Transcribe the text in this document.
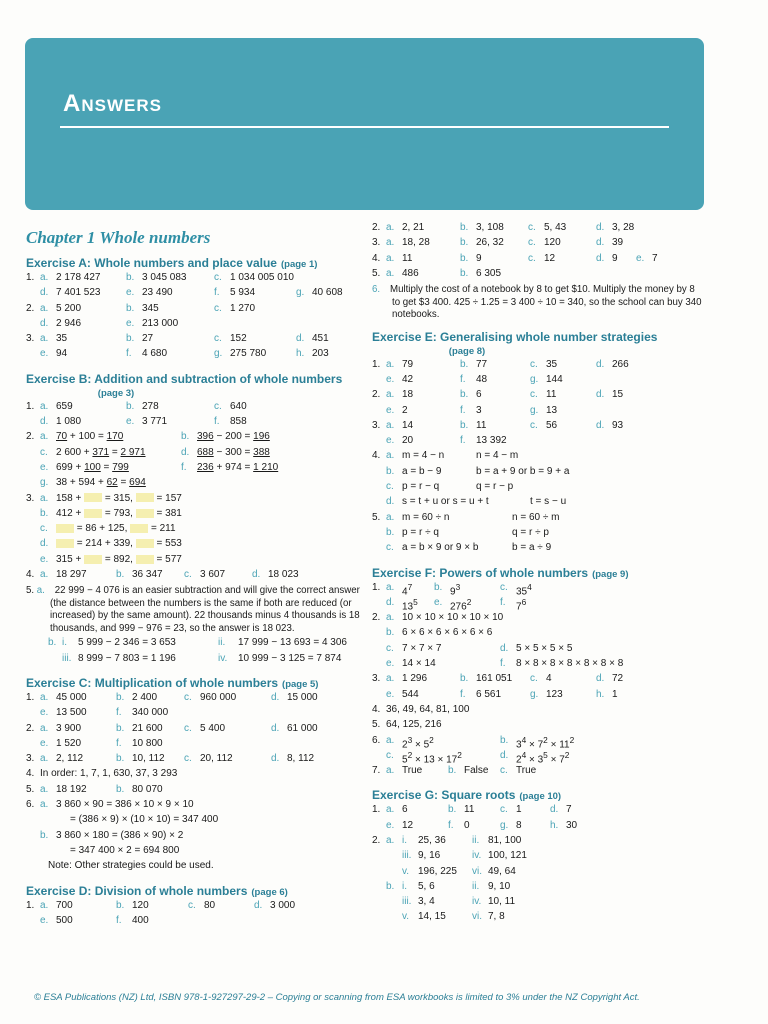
Answers
Chapter 1 Whole numbers
Exercise A: Whole numbers and place value (page 1)
1. a. 2 178 427	b. 3 045 083	c. 1 034 005 010
d. 7 401 523	e. 23 490	f. 5 934	g. 40 608
2. a. 5 200	b. 345	c. 1 270
d. 2 946	e. 213 000
3. a. 35	b. 27	c. 152	d. 451
e. 94	f. 4 680	g. 275 780	h. 203
Exercise B: Addition and subtraction of whole numbers
(page 3)
1. a. 659	b. 278	c. 640
d. 1 080	e. 3 771	f. 858
2. a. 70 + 100 = 170	b. 396 − 200 = 196
c. 2 600 + 371 = 2 971	d. 688 − 300 = 388
e. 699 + 100 = 799	f. 236 + 974 = 1 210
g. 38 + 594 + 62 = 694
3. a. 158 +  = 315,  = 157
b. 412 +  = 793,  = 381
c.	= 86 + 125,  = 211
d.	= 214 + 339,  = 553
e. 315 +  = 892,  = 577
4. a. 18 297	b. 36 347 c. 3 607	d. 18 023
5. a. 22 999 − 4 076 is an easier subtraction and will give the correct answer (the distance between the numbers is the same if both are reduced (or increased) by the same amount). 22 thousands minus 4 thousands is 18 thousands, and 999 − 976 = 23, so the answer is 18 023.
b. i. 5 999 − 2 346 = 3 653	ii. 17 999 − 13 693 = 4 306
iii. 8 999 − 7 803 = 1 196	iv. 10 999 − 3 125 = 7 874
Exercise C: Multiplication of whole numbers (page 5)
1. a. 45 000	b. 2 400	c. 960 000	d. 15 000
e. 13 500	f. 340 000
2. a. 3 900	b. 21 600 c. 5 400	d. 61 000
e. 1 520	f. 10 800
3. a. 2, 112	b. 10, 112 c. 20, 112	d. 8, 112
4. In order: 1, 7, 1, 630, 37, 3 293
5. a. 18 192	b. 80 070
6. a. 3 860 × 90 = 386 × 10 × 9 × 10
= (386 × 9) × (10 × 10) = 347 400
b. 3 860 × 180 = (386 × 90) × 2
= 347 400 × 2 = 694 800
Note: Other strategies could be used.
Exercise D: Division of whole numbers (page 6)
1. a. 700	b. 120	c. 80	d. 3 000
e. 500	f. 400
2. a. 2, 21	b. 3, 108 c. 5, 43	d. 3, 28
3. a. 18, 28	b. 26, 32 c. 120	d. 39
4. a. 11	b. 9	c. 12	d. 9 e. 7
5. a. 486	b. 6 305
6. Multiply the cost of a notebook by 8 to get $10. Multiply the money by 8 to get $3 400. 425 ÷ 1.25 = 3 400 ÷ 10 = 340, so the school can buy 340 notebooks.
Exercise E: Generalising whole number strategies
(page 8)
1. a. 79	b. 77	c. 35	d. 266
e. 42	f. 48	g. 144
2. a. 18	b. 6	c. 11	d. 15
e. 2	f. 3	g. 13
3. a. 14	b. 11	c. 56	d. 93
e. 20	f. 13 392
4. a. m = 4 − n	n = 4 − m
b. a = b − 9	b = a + 9 or b = 9 + a
c. p = r − q	q = r − p
d. s = t + u or s = u + t	t = s − u
5. a. m = 60 ÷ n	n = 60 ÷ m
b. p = r ÷ q	q = r ÷ p
c. a = b × 9 or 9 × b	b = a ÷ 9
Exercise F: Powers of whole numbers (page 9)
1. a. $4^7$ b. $9^3$	c. $35^4$
d. $13^5$ e. $276^2$	f. $7^6$
2. a. 10 × 10 × 10 × 10 × 10
b. 6 × 6 × 6 × 6 × 6 × 6
c. 7 × 7 × 7	d. 5 × 5 × 5 × 5
e. 14 × 14	f. 8 × 8 × 8 × 8 × 8 × 8 × 8
3. a. 1 296	b. 161 051 c. 4	d. 72
e. 544	f. 6 561	g. 123	h. 1
4. 36, 49, 64, 81, 100
5. 64, 125, 216
6. a. $2^3 \times 5^2$	b. $3^4 \times 7^2 \times 11^2$
c. $5^2 \times 13 \times 17^2$	d. $2^4 \times 3^5 \times 7^2$
7. a. True	b. False c. True
Exercise G: Square roots (page 10)
1. a. 6	b. 11	c. 1	d. 7
e. 12	f. 0	g. 8	h. 30
2. a. i. 25, 36	ii. 81, 100
iii. 9, 16	iv. 100, 121
v. 196, 225 vi. 49, 64
b. i. 5, 6	ii. 9, 10
iii. 3, 4	iv. 10, 11
v. 14, 15	vi. 7, 8
© ESA Publications (NZ) Ltd, ISBN 978-1-927297-29-2 – Copying or scanning from ESA workbooks is limited to 3% under the NZ Copyright Act.
